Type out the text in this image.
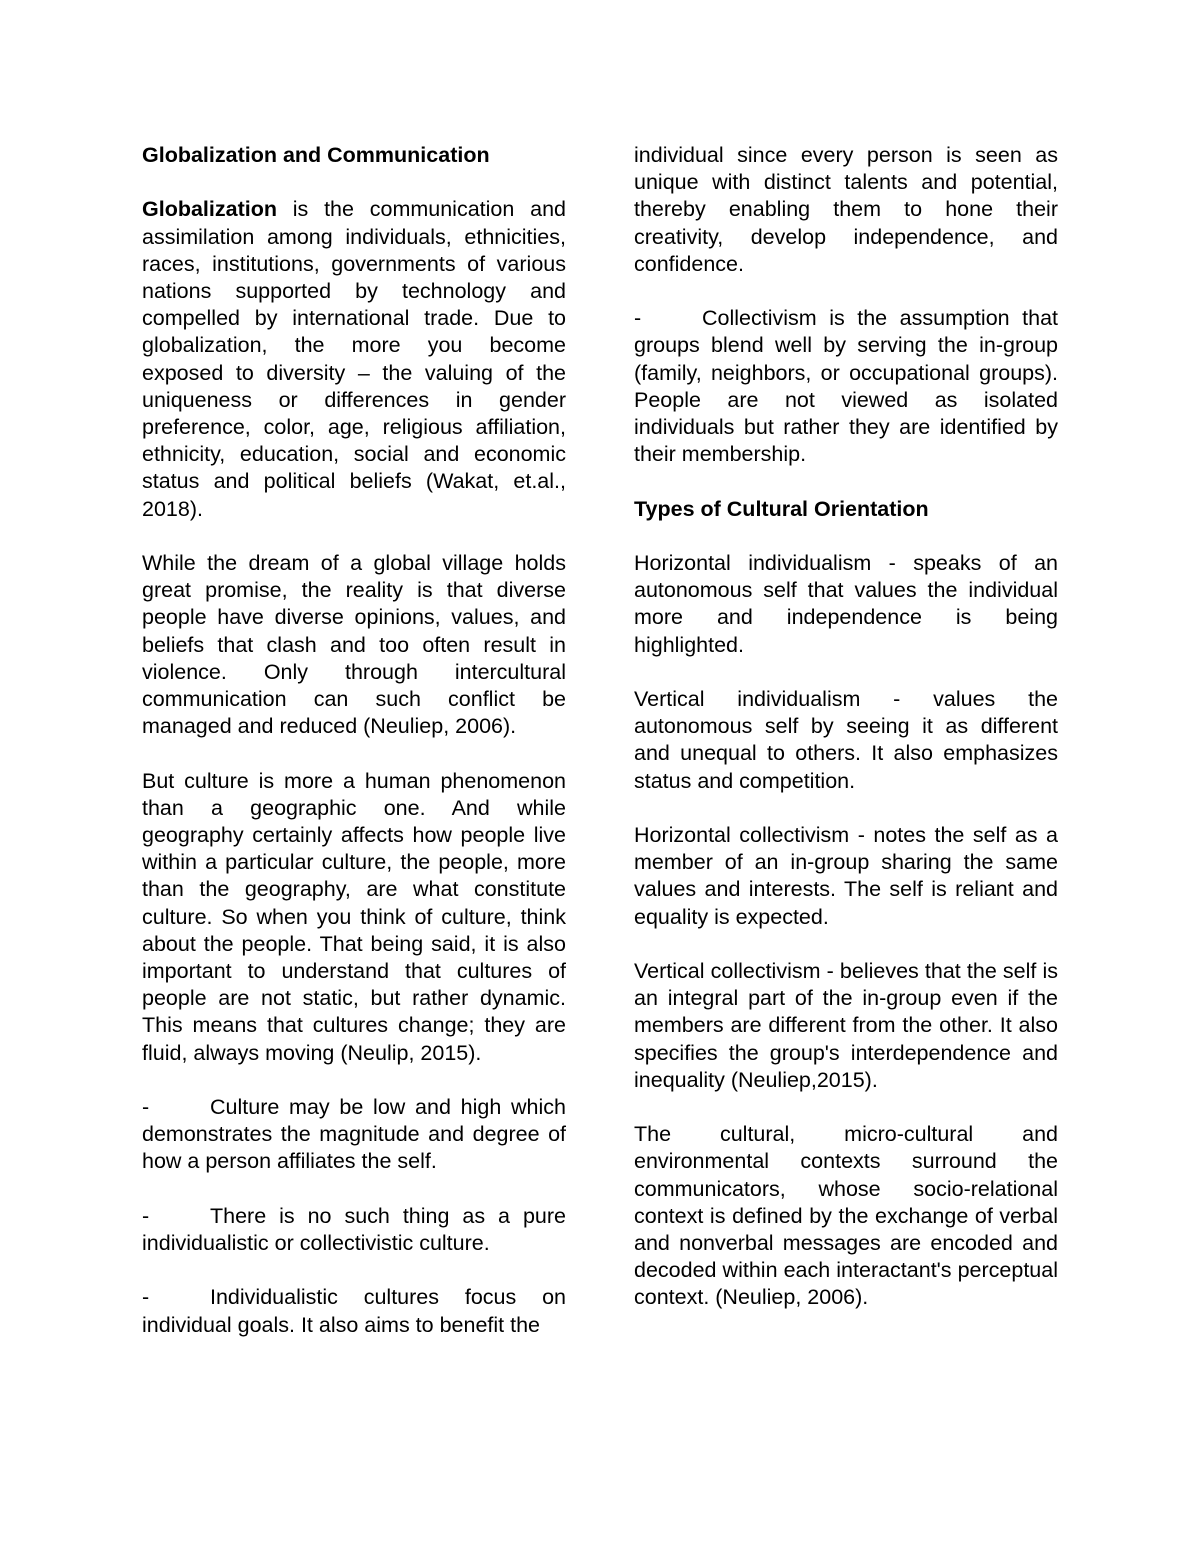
Globalization and Communication

Globalization is the communication and assimilation among individuals, ethnicities, races, institutions, governments of various nations supported by technology and compelled by international trade. Due to globalization, the more you become exposed to diversity – the valuing of the uniqueness or differences in gender preference, color, age, religious affiliation, ethnicity, education, social and economic status and political beliefs (Wakat, et.al., 2018).

While the dream of a global village holds great promise, the reality is that diverse people have diverse opinions, values, and beliefs that clash and too often result in violence. Only through intercultural communication can such conflict be managed and reduced (Neuliep, 2006).

But culture is more a human phenomenon than a geographic one. And while geography certainly affects how people live within a particular culture, the people, more than the geography, are what constitute culture. So when you think of culture, think about the people. That being said, it is also important to understand that cultures of people are not static, but rather dynamic. This means that cultures change; they are fluid, always moving (Neulip, 2015).

-	Culture may be low and high which demonstrates the magnitude and degree of how a person affiliates the self.

-	There is no such thing as a pure individualistic or collectivistic culture.

-	Individualistic cultures focus on individual goals. It also aims to benefit the

individual since every person is seen as unique with distinct talents and potential, thereby enabling them to hone their creativity, develop independence, and confidence.

-	Collectivism is the assumption that groups blend well by serving the in-group (family, neighbors, or occupational groups). People are not viewed as isolated individuals but rather they are identified by their membership.

Types of Cultural Orientation

Horizontal individualism - speaks of an autonomous self that values the individual more and independence is being highlighted.

Vertical individualism - values the autonomous self by seeing it as different and unequal to others. It also emphasizes status and competition.

Horizontal collectivism - notes the self as a member of an in-group sharing the same values and interests. The self is reliant and equality is expected.

Vertical collectivism - believes that the self is an integral part of the in-group even if the members are different from the other. It also specifies the group's interdependence and inequality (Neuliep,2015).

The cultural, micro-cultural and environmental contexts surround the communicators, whose socio-relational context is defined by the exchange of verbal and nonverbal messages are encoded and decoded within each interactant's perceptual context. (Neuliep, 2006).
